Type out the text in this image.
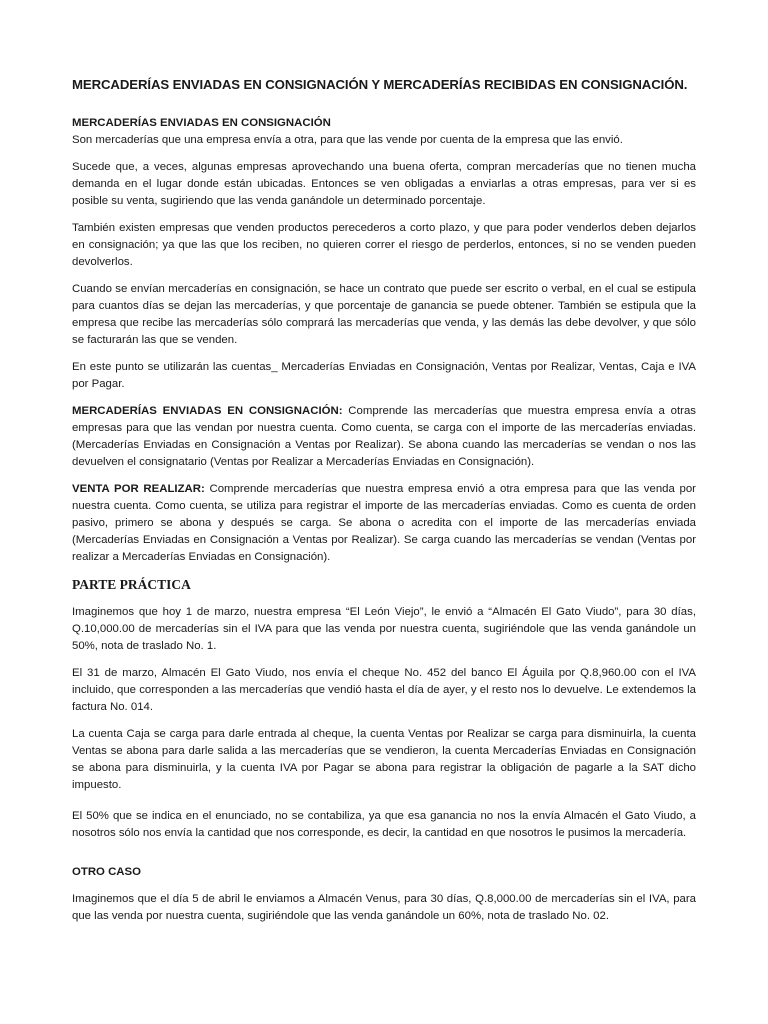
MERCADERÍAS ENVIADAS EN CONSIGNACIÓN Y MERCADERÍAS RECIBIDAS EN CONSIGNACIÓN.
MERCADERÍAS ENVIADAS EN CONSIGNACIÓN

Son mercaderías que una empresa envía a otra, para que las vende por cuenta de la empresa que las envió.

Sucede que, a veces, algunas empresas aprovechando una buena oferta, compran mercaderías que no tienen mucha demanda en el lugar donde están ubicadas. Entonces se ven obligadas a enviarlas a otras empresas, para ver si es posible su venta, sugiriendo que las venda ganándole un determinado porcentaje.

También existen empresas que venden productos perecederos a corto plazo, y que para poder venderlos deben dejarlos en consignación; ya que las que los reciben, no quieren correr el riesgo de perderlos, entonces, si no se venden pueden devolverlos.

Cuando se envían mercaderías en consignación, se hace un contrato que puede ser escrito o verbal, en el cual se estipula para cuantos días se dejan las mercaderías, y que porcentaje de ganancia se puede obtener. También se estipula que la empresa que recibe las mercaderías sólo comprará las mercaderías que venda, y las demás las debe devolver, y que sólo se facturarán las que se venden.

En este punto se utilizarán las cuentas_ Mercaderías Enviadas en Consignación, Ventas por Realizar, Ventas, Caja e IVA por Pagar.

MERCADERÍAS ENVIADAS EN CONSIGNACIÓN: Comprende las mercaderías que muestra empresa envía a otras empresas para que las vendan por nuestra cuenta. Como cuenta, se carga con el importe de las mercaderías enviadas. (Mercaderías Enviadas en Consignación a Ventas por Realizar). Se abona cuando las mercaderías se vendan o nos las devuelven el consignatario (Ventas por Realizar a Mercaderías Enviadas en Consignación).

VENTA POR REALIZAR: Comprende mercaderías que nuestra empresa envió a otra empresa para que las venda por nuestra cuenta. Como cuenta, se utiliza para registrar el importe de las mercaderías enviadas. Como es cuenta de orden pasivo, primero se abona y después se carga. Se abona o acredita con el importe de las mercaderías enviada (Mercaderías Enviadas en Consignación a Ventas por Realizar). Se carga cuando las mercaderías se vendan (Ventas por realizar a Mercaderías Enviadas en Consignación).

PARTE PRÁCTICA

Imaginemos que hoy 1 de marzo, nuestra empresa “El León Viejo”, le envió a “Almacén El Gato Viudo”, para 30 días, Q.10,000.00 de mercaderías sin el IVA para que las venda por nuestra cuenta, sugiriéndole que las venda ganándole un 50%, nota de traslado No. 1.

El 31 de marzo, Almacén El Gato Viudo, nos envía el cheque No. 452 del banco El Águila por Q.8,960.00 con el IVA incluido, que corresponden a las mercaderías que vendió hasta el día de ayer, y el resto nos lo devuelve. Le extendemos la factura No. 014.

La cuenta Caja se carga para darle entrada al cheque, la cuenta Ventas por Realizar se carga para disminuirla, la cuenta Ventas se abona para darle salida a las mercaderías que se vendieron, la cuenta Mercaderías Enviadas en Consignación se abona para disminuirla, y la cuenta IVA por Pagar se abona para registrar la obligación de pagarle a la SAT dicho impuesto.

El 50% que se indica en el enunciado, no se contabiliza, ya que esa ganancia no nos la envía Almacén el Gato Viudo, a nosotros sólo nos envía la cantidad que nos corresponde, es decir, la cantidad en que nosotros le pusimos la mercadería.

OTRO CASO

Imaginemos que el día 5 de abril le enviamos a Almacén Venus, para 30 días, Q.8,000.00 de mercaderías sin el IVA, para que las venda por nuestra cuenta, sugiriéndole que las venda ganándole un 60%, nota de traslado No. 02.
